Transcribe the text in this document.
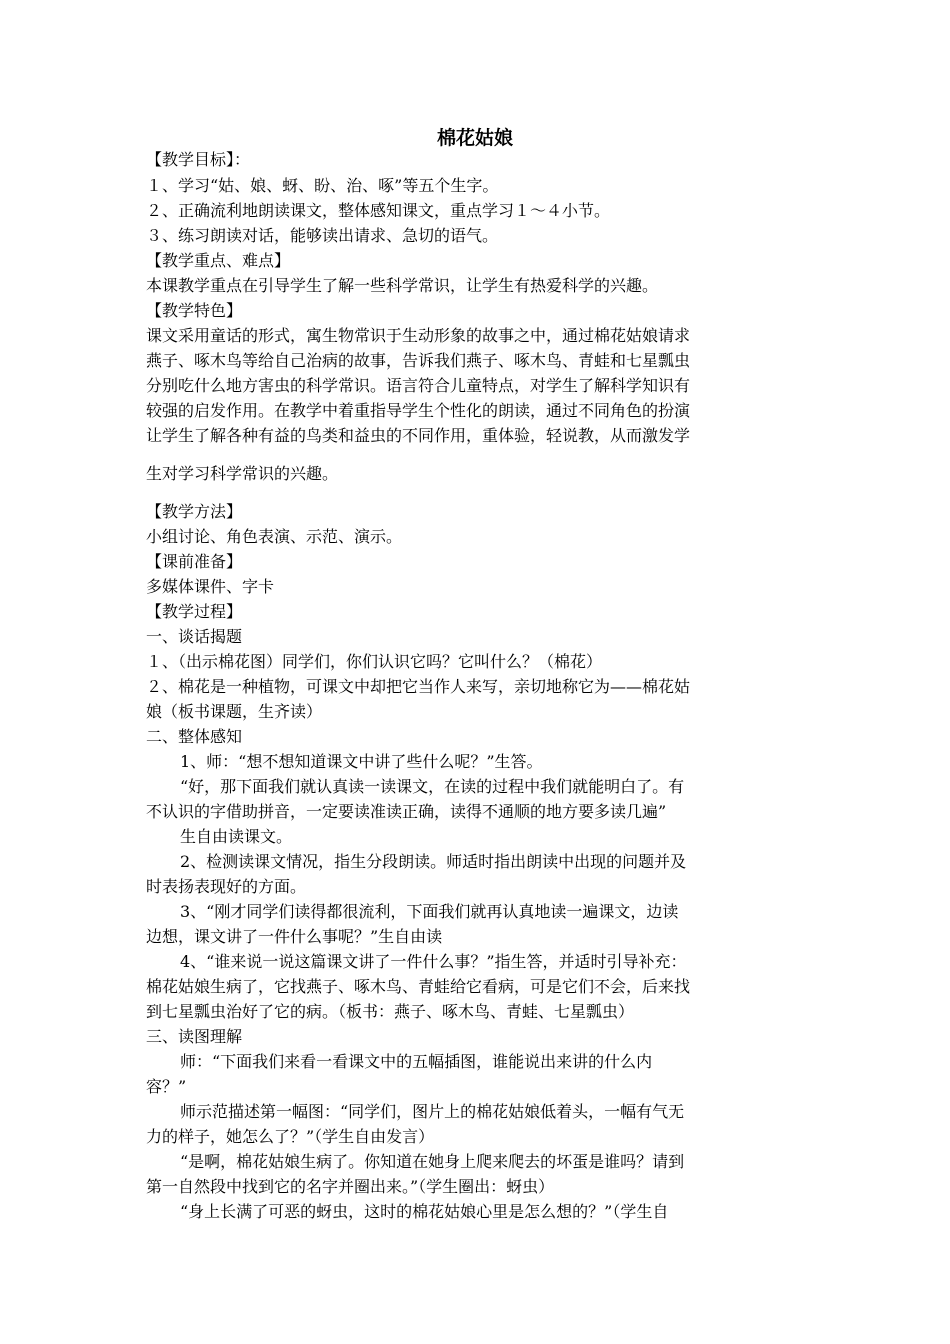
棉花姑娘
【教学目标】：
１、学习“姑、娘、蚜、盼、治、啄”等五个生字。
２、正确流利地朗读课文，整体感知课文，重点学习１～４小节。
３、练习朗读对话，能够读出请求、急切的语气。
【教学重点、难点】
本课教学重点在引导学生了解一些科学常识，让学生有热爱科学的兴趣。
【教学特色】
课文采用童话的形式，寓生物常识于生动形象的故事之中，通过棉花姑娘请求
燕子、啄木鸟等给自己治病的故事，告诉我们燕子、啄木鸟、青蛙和七星瓢虫
分别吃什么地方害虫的科学常识。语言符合儿童特点，对学生了解科学知识有
较强的启发作用。在教学中着重指导学生个性化的朗读，通过不同角色的扮演
让学生了解各种有益的鸟类和益虫的不同作用，重体验，轻说教，从而激发学
生对学习科学常识的兴趣。
【教学方法】
小组讨论、角色表演、示范、演示。
【课前准备】
多媒体课件、字卡
【教学过程】
一、谈话揭题
１、（出示棉花图）同学们，你们认识它吗？它叫什么？（棉花）
２、棉花是一种植物，可课文中却把它当作人来写，亲切地称它为——棉花姑
娘（板书课题，生齐读）
二、整体感知
1、师：“想不想知道课文中讲了些什么呢？”生答。
“好，那下面我们就认真读一读课文，在读的过程中我们就能明白了。有
不认识的字借助拼音，一定要读准读正确，读得不通顺的地方要多读几遍”
生自由读课文。
2、检测读课文情况，指生分段朗读。师适时指出朗读中出现的问题并及
时表扬表现好的方面。
3、“刚才同学们读得都很流利，下面我们就再认真地读一遍课文，边读
边想，课文讲了一件什么事呢？”生自由读
4、“谁来说一说这篇课文讲了一件什么事？”指生答，并适时引导补充：
棉花姑娘生病了，它找燕子、啄木鸟、青蛙给它看病，可是它们不会，后来找
到七星瓢虫治好了它的病。（板书：燕子、啄木鸟、青蛙、七星瓢虫）
三、读图理解
师：“下面我们来看一看课文中的五幅插图，谁能说出来讲的什么内
容？”
师示范描述第一幅图：“同学们，图片上的棉花姑娘低着头，一幅有气无
力的样子，她怎么了？”（学生自由发言）
“是啊，棉花姑娘生病了。你知道在她身上爬来爬去的坏蛋是谁吗？请到
第一自然段中找到它的名字并圈出来。”（学生圈出：蚜虫）
“身上长满了可恶的蚜虫，这时的棉花姑娘心里是怎么想的？”（学生自
